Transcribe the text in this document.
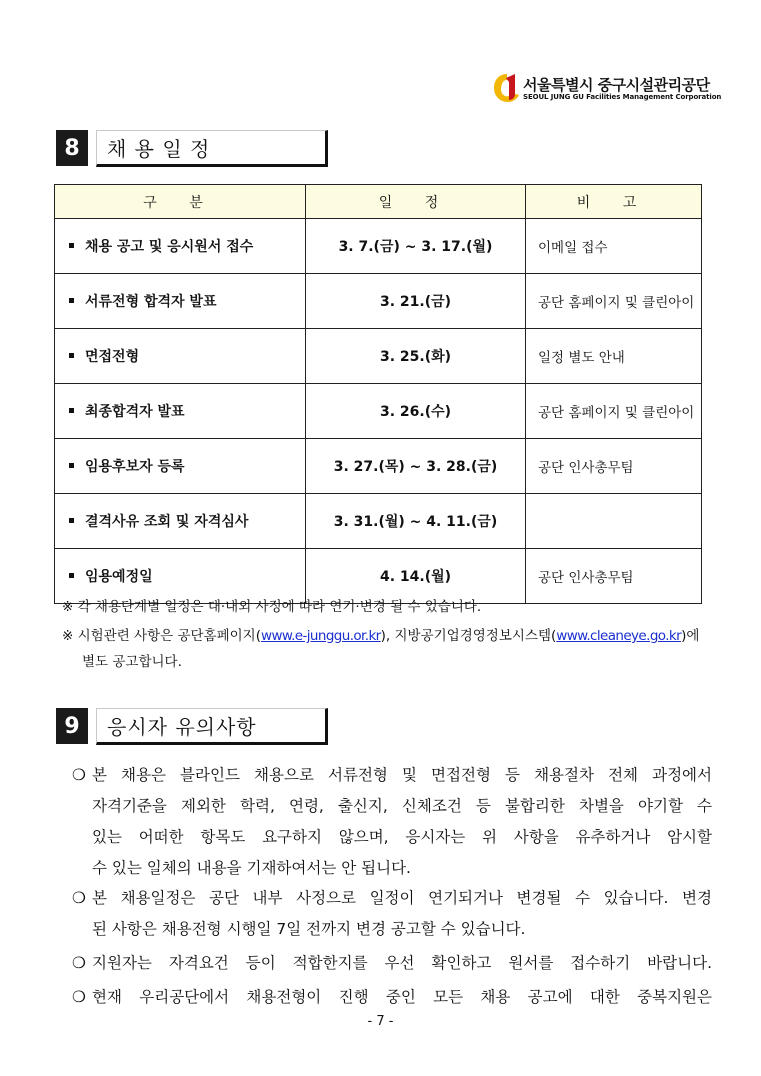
서울특별시 중구시설관리공단
SEOUL JUNG GU Facilities Management Corporation
8	채 용 일 정
구 분	일 정	비 고
채용 공고 및 응시원서 접수	3. 7.(금) ~ 3. 17.(월)	이메일 접수
서류전형 합격자 발표	3. 21.(금)	공단 홈페이지 및 클린아이
면접전형	3. 25.(화)	일정 별도 안내
최종합격자 발표	3. 26.(수)	공단 홈페이지 및 클린아이
임용후보자 등록	3. 27.(목) ~ 3. 28.(금)	공단 인사총무팀
결격사유 조회 및 자격심사	3. 31.(월) ~ 4. 11.(금)	
임용예정일	4. 14.(월)	공단 인사총무팀
※ 각 채용단계별 일정은 대·내외 사정에 따라 연기·변경 될 수 있습니다.
※ 시험관련 사항은 공단홈페이지(www.e-junggu.or.kr), 지방공기업경영정보시스템(www.cleaneye.go.kr)에
별도 공고합니다.
9	응시자 유의사항
❍ 본 채용은 블라인드 채용으로 서류전형 및 면접전형 등 채용절차 전체 과정에서
자격기준을 제외한 학력, 연령, 출신지, 신체조건 등 불합리한 차별을 야기할 수
있는 어떠한 항목도 요구하지 않으며, 응시자는 위 사항을 유추하거나 암시할
수 있는 일체의 내용을 기재하여서는 안 됩니다.
❍ 본 채용일정은 공단 내부 사정으로 일정이 연기되거나 변경될 수 있습니다. 변경
된 사항은 채용전형 시행일 7일 전까지 변경 공고할 수 있습니다.
❍ 지원자는 자격요건 등이 적합한지를 우선 확인하고 원서를 접수하기 바랍니다.
❍ 현재 우리공단에서 채용전형이 진행 중인 모든 채용 공고에 대한 중복지원은
- 7 -
